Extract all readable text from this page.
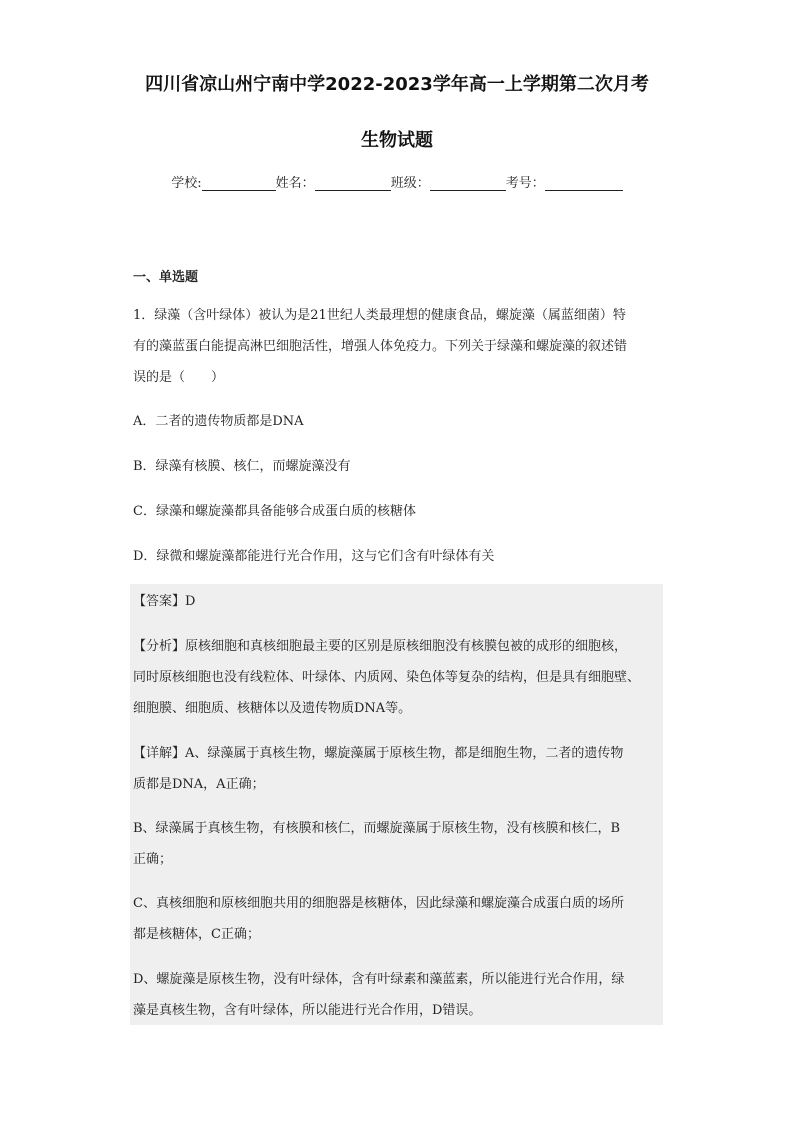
四川省凉山州宁南中学2022-2023学年高一上学期第二次月考
生物试题
学校:	姓名：	班级：	考号：
一、单选题

1．绿藻（含叶绿体）被认为是21世纪人类最理想的健康食品，螺旋藻（属蓝细菌）特
有的藻蓝蛋白能提高淋巴细胞活性，增强人体免疫力。下列关于绿藻和螺旋藻的叙述错
误的是（　　）

A．二者的遗传物质都是DNA

B．绿藻有核膜、核仁，而螺旋藻没有

C．绿藻和螺旋藻都具备能够合成蛋白质的核糖体

D．绿微和螺旋藻都能进行光合作用，这与它们含有叶绿体有关

【答案】D

【分析】原核细胞和真核细胞最主要的区别是原核细胞没有核膜包被的成形的细胞核，
同时原核细胞也没有线粒体、叶绿体、内质网、染色体等复杂的结构，但是具有细胞壁、
细胞膜、细胞质、核糖体以及遗传物质DNA等。

【详解】A、绿藻属于真核生物，螺旋藻属于原核生物，都是细胞生物，二者的遗传物
质都是DNA，A正确；

B、绿藻属于真核生物，有核膜和核仁，而螺旋藻属于原核生物，没有核膜和核仁，B
正确；

C、真核细胞和原核细胞共用的细胞器是核糖体，因此绿藻和螺旋藻合成蛋白质的场所
都是核糖体，C正确；

D、螺旋藻是原核生物，没有叶绿体，含有叶绿素和藻蓝素，所以能进行光合作用，绿
藻是真核生物，含有叶绿体，所以能进行光合作用，D错误。
